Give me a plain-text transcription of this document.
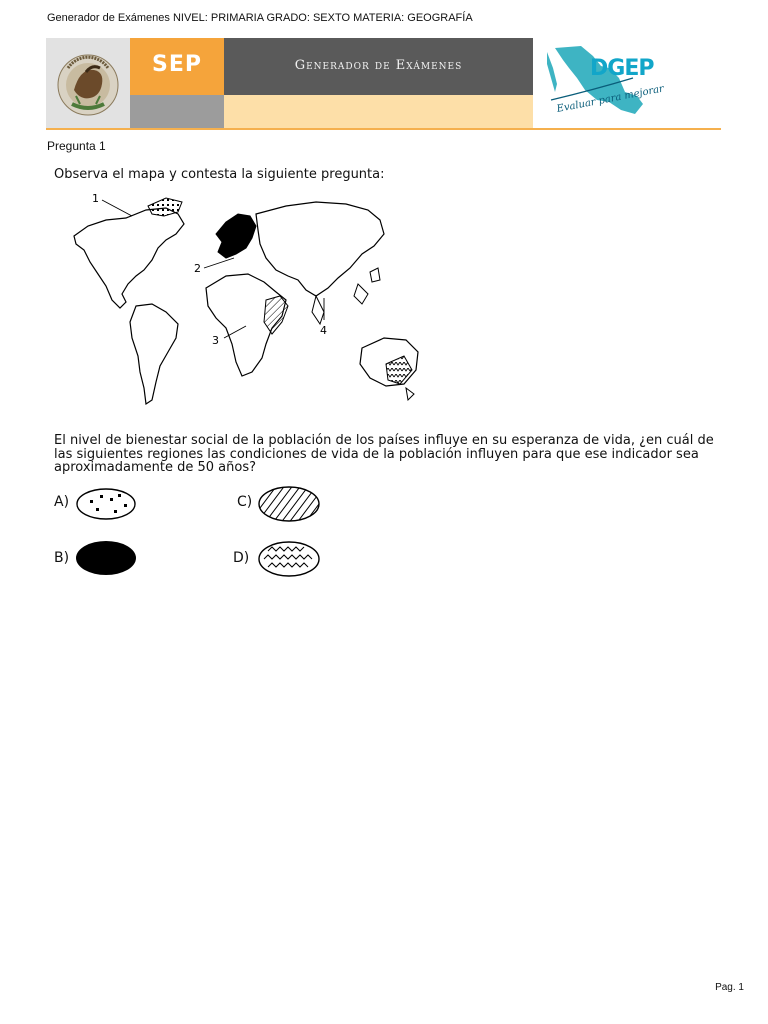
Generador de Exámenes NIVEL: PRIMARIA GRADO: SEXTO MATERIA: GEOGRAFÍA
SEP	Generador de Exámenes	DGEP
Evaluar para mejorar
Pregunta 1
Observa el mapa y contesta la siguiente pregunta:
1
2
3
4
El nivel de bienestar social de la población de los países influye en su esperanza de vida, ¿en cuál de las siguientes regiones las condiciones de vida de la población influyen para que ese indicador sea aproximadamente de 50 años?
A)
B)
C)
D)
Pag. 1
